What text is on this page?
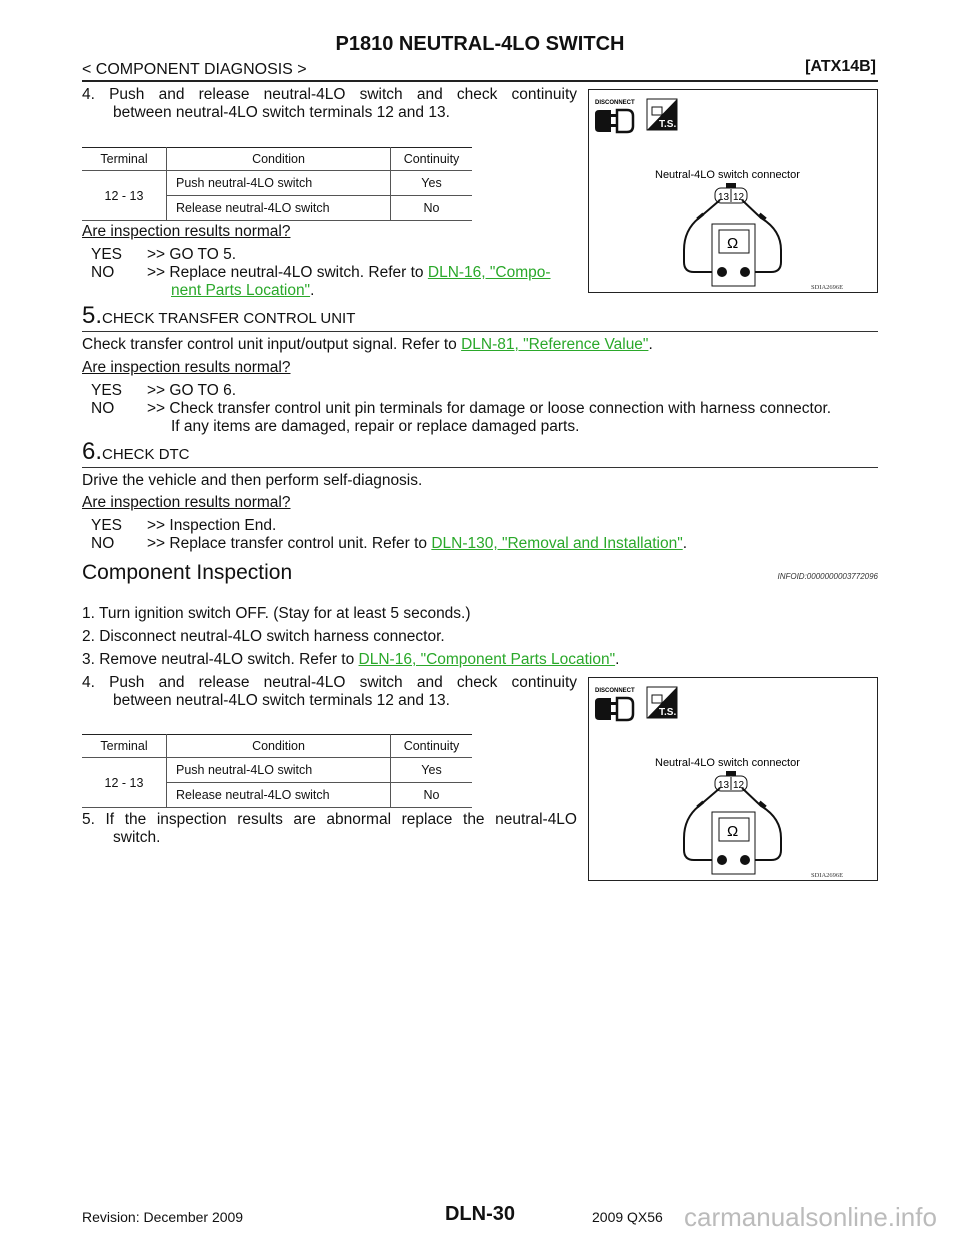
P1810 NEUTRAL-4LO SWITCH
< COMPONENT DIAGNOSIS >	[ATX14B]
4. Push and release neutral-4LO switch and check continuity
between neutral-4LO switch terminals 12 and 13.
Terminal	Condition	Continuity
12 - 13	Push neutral-4LO switch	Yes
	Release neutral-4LO switch	No
Are inspection results normal?
YES >> GO TO 5.
NO >> Replace neutral-4LO switch. Refer to DLN-16, "Compo-
nent Parts Location".
5.CHECK TRANSFER CONTROL UNIT
Check transfer control unit input/output signal. Refer to DLN-81, "Reference Value".
Are inspection results normal?
YES >> GO TO 6.
NO >> Check transfer control unit pin terminals for damage or loose connection with harness connector.
If any items are damaged, repair or replace damaged parts.
6.CHECK DTC
Drive the vehicle and then perform self-diagnosis.
Are inspection results normal?
YES >> Inspection End.
NO >> Replace transfer control unit. Refer to DLN-130, "Removal and Installation".
Component Inspection	INFOID:0000000003772096
1. Turn ignition switch OFF. (Stay for at least 5 seconds.)
2. Disconnect neutral-4LO switch harness connector.
3. Remove neutral-4LO switch. Refer to DLN-16, "Component Parts Location".
4. Push and release neutral-4LO switch and check continuity
between neutral-4LO switch terminals 12 and 13.
Terminal	Condition	Continuity
12 - 13	Push neutral-4LO switch	Yes
	Release neutral-4LO switch	No
5. If the inspection results are abnormal replace the neutral-4LO
switch.
DISCONNECT
T.S.
Neutral-4LO switch connector
13 12
Ω
SDIA2696E
DISCONNECT
T.S.
Neutral-4LO switch connector
13 12
Ω
SDIA2696E
Revision: December 2009	DLN-30	2009 QX56 carmanualsonline.info
